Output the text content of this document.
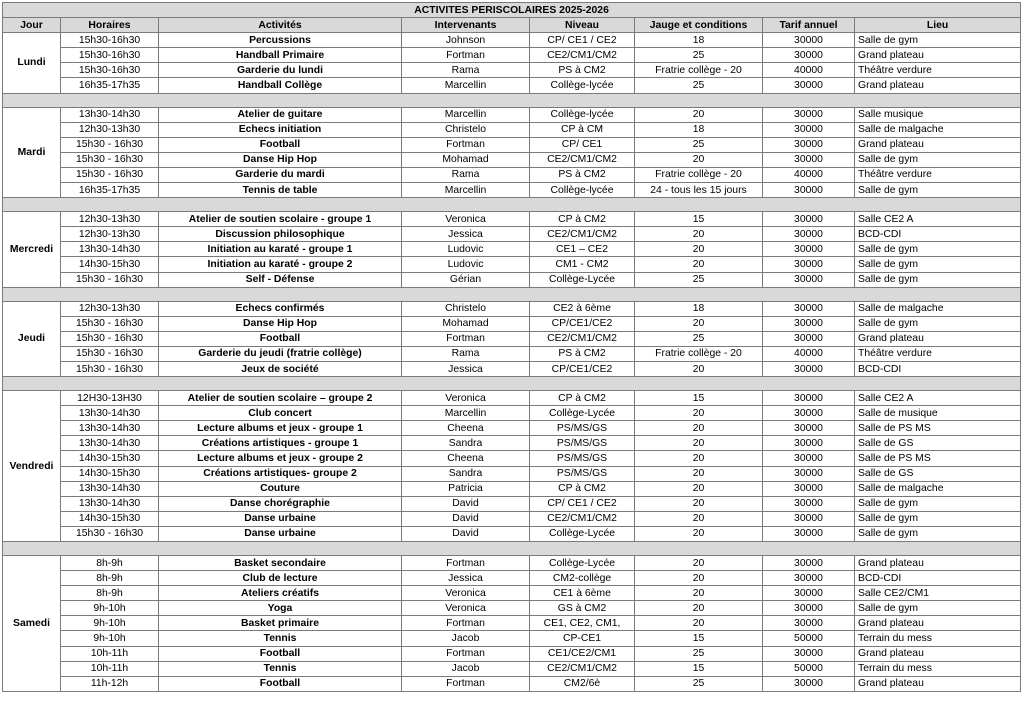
ACTIVITES PERISCOLAIRES 2025-2026							
Jour	Horaires	Activités	Intervenants	Niveau	Jauge et conditions	Tarif annuel	Lieu
Lundi	15h30-16h30	Percussions	Johnson	CP/ CE1 / CE2	18	30000	Salle de gym
	15h30-16h30	Handball Primaire	Fortman	CE2/CM1/CM2	25	30000	Grand plateau
	15h30-16h30	Garderie du lundi	Rama	PS à CM2	Fratrie collège - 20	40000	Théâtre verdure
	16h35-17h35	Handball Collège	Marcellin	Collège-lycée	25	30000	Grand plateau

Mardi	13h30-14h30	Atelier de guitare	Marcellin	Collège-lycée	20	30000	Salle musique
	12h30-13h30	Echecs initiation	Christelo	CP à CM	18	30000	Salle de malgache
	15h30 - 16h30	Football	Fortman	CP/ CE1	25	30000	Grand plateau
	15h30 - 16h30	Danse Hip Hop	Mohamad	CE2/CM1/CM2	20	30000	Salle de gym
	15h30 - 16h30	Garderie du mardi	Rama	PS à CM2	Fratrie collège - 20	40000	Théâtre verdure
	16h35-17h35	Tennis de table	Marcellin	Collège-lycée	24 - tous les 15 jours	30000	Salle de gym

Mercredi	12h30-13h30	Atelier de soutien scolaire - groupe 1	Veronica	CP à CM2	15	30000	Salle CE2 A
	12h30-13h30	Discussion philosophique	Jessica	CE2/CM1/CM2	20	30000	BCD-CDI
	13h30-14h30	Initiation au karaté - groupe 1	Ludovic	CE1 – CE2	20	30000	Salle de gym
	14h30-15h30	Initiation au karaté - groupe 2	Ludovic	CM1 - CM2	20	30000	Salle de gym
	15h30 - 16h30	Self - Défense	Gérian	Collège-Lycée	25	30000	Salle de gym

Jeudi	12h30-13h30	Echecs confirmés	Christelo	CE2 à 6ème	18	30000	Salle de malgache
	15h30 - 16h30	Danse Hip Hop	Mohamad	CP/CE1/CE2	20	30000	Salle de gym
	15h30 - 16h30	Football	Fortman	CE2/CM1/CM2	25	30000	Grand plateau
	15h30 - 16h30	Garderie du jeudi (fratrie collège)	Rama	PS à CM2	Fratrie collège - 20	40000	Théâtre verdure
	15h30 - 16h30	Jeux de société	Jessica	CP/CE1/CE2	20	30000	BCD-CDI

Vendredi	12H30-13H30	Atelier de soutien scolaire – groupe 2	Veronica	CP à CM2	15	30000	Salle CE2 A
	13h30-14h30	Club concert	Marcellin	Collège-Lycée	20	30000	Salle de musique
	13h30-14h30	Lecture albums et jeux - groupe 1	Cheena	PS/MS/GS	20	30000	Salle de PS MS
	13h30-14h30	Créations artistiques - groupe 1	Sandra	PS/MS/GS	20	30000	Salle de GS
	14h30-15h30	Lecture albums et jeux - groupe 2	Cheena	PS/MS/GS	20	30000	Salle de PS MS
	14h30-15h30	Créations artistiques- groupe 2	Sandra	PS/MS/GS	20	30000	Salle de GS
	13h30-14h30	Couture	Patricia	CP à CM2	20	30000	Salle de malgache
	13h30-14h30	Danse chorégraphie	David	CP/ CE1 / CE2	20	30000	Salle de gym
	14h30-15h30	Danse urbaine	David	CE2/CM1/CM2	20	30000	Salle de gym
	15h30 - 16h30	Danse urbaine	David	Collège-Lycée	20	30000	Salle de gym

Samedi	8h-9h	Basket secondaire	Fortman	Collège-Lycée	20	30000	Grand plateau
	8h-9h	Club de lecture	Jessica	CM2-collège	20	30000	BCD-CDI
	8h-9h	Ateliers créatifs	Veronica	CE1 à 6ème	20	30000	Salle CE2/CM1
	9h-10h	Yoga	Veronica	GS à CM2	20	30000	Salle de gym
	9h-10h	Basket primaire	Fortman	CE1, CE2, CM1,	20	30000	Grand plateau
	9h-10h	Tennis	Jacob	CP-CE1	15	50000	Terrain du mess
	10h-11h	Football	Fortman	CE1/CE2/CM1	25	30000	Grand plateau
	10h-11h	Tennis	Jacob	CE2/CM1/CM2	15	50000	Terrain du mess
	11h-12h	Football	Fortman	CM2/6è	25	30000	Grand plateau
